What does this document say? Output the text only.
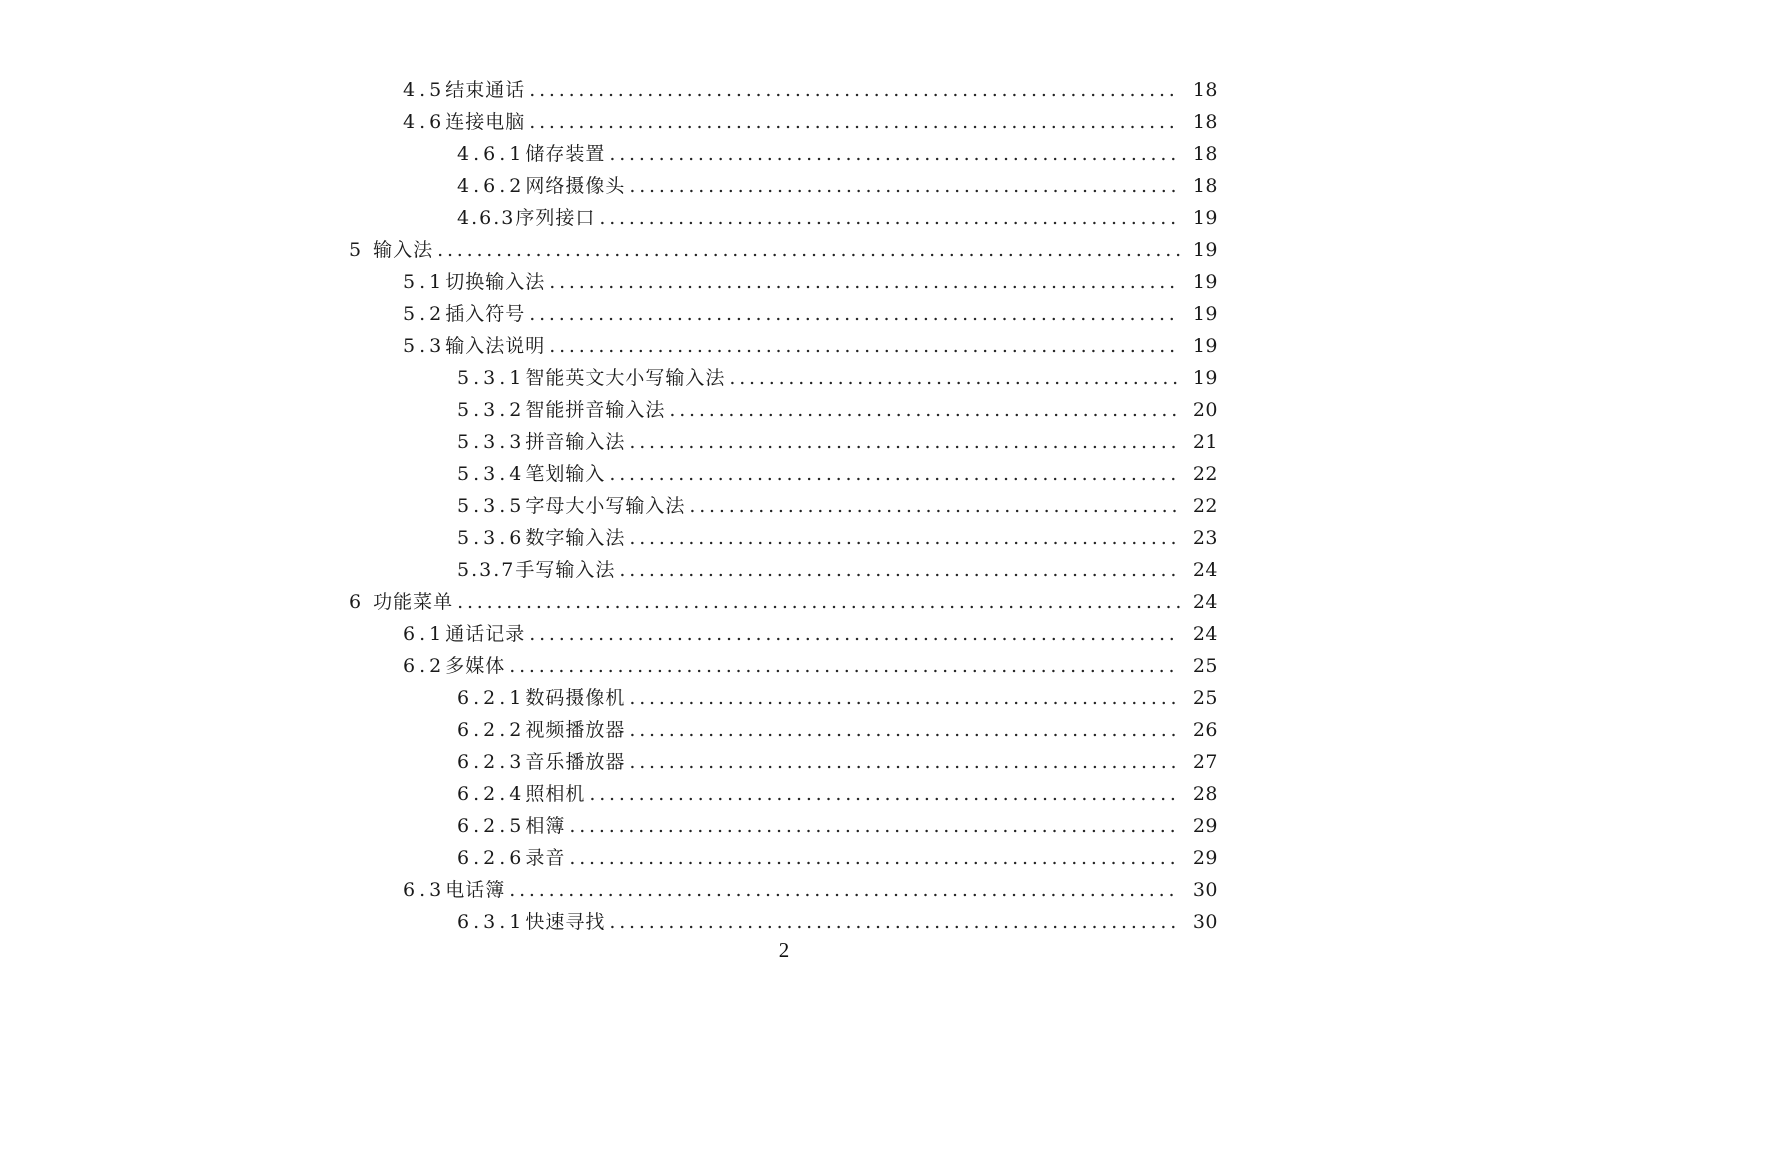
4.5 结束通话 .....	18
4.6 连接电脑 .....	18
4.6.1 储存装置 .....	18
4.6.2 网络摄像头 .....	18
4.6.3 序列接口 .....	19
5 输入法 .....	19
5.1 切换输入法 .....	19
5.2 插入符号 .....	19
5.3 输入法说明 .....	19
5.3.1 智能英文大小写输入法 .....	19
5.3.2 智能拼音输入法 .....	20
5.3.3 拼音输入法 .....	21
5.3.4 笔划输入 .....	22
5.3.5 字母大小写输入法 .....	22
5.3.6 数字输入法 .....	23
5.3.7 手写输入法 .....	24
6 功能菜单 .....	24
6.1 通话记录 .....	24
6.2 多媒体 .....	25
6.2.1 数码摄像机 .....	25
6.2.2 视频播放器 .....	26
6.2.3 音乐播放器 .....	27
6.2.4 照相机 .....	28
6.2.5 相簿 .....	29
6.2.6 录音 .....	29
6.3 电话簿 .....	30
6.3.1 快速寻找 .....	30
2
